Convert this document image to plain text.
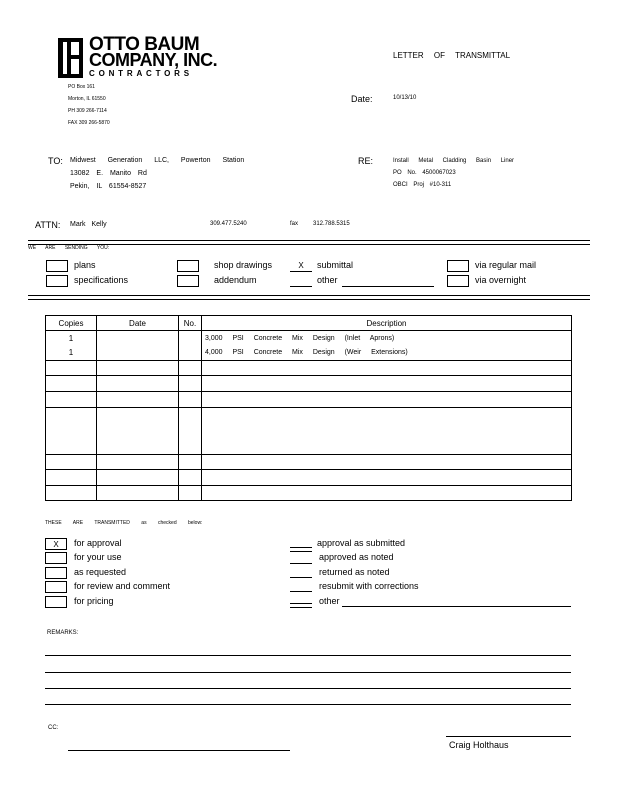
OTTO BAUM
COMPANY, INC.
CONTRACTORS
PO Box 161
Morton, IL 61550
PH 309 266-7114
FAX 309 266-5870
LETTER OF TRANSMITTAL
Date:	10/13/10
TO: Midwest Generation LLC, Powerton Station
13082 E. Manito Rd
Pekin, IL 61554-8527
RE:	Install Metal Cladding Basin Liner
PO No. 4500067023
OBCI Proj #10-311
ATTN: Mark Kelly	309.477.5240	fax 312.788.5315
WE ARE SENDING YOU:
plans
specifications
shop drawings
addendum
X	submittal
other
via regular mail
via overnight
Copies	Date	No.	Description
1			3,000 PSI Concrete Mix Design (Inlet Aprons)
1			4,000 PSI Concrete Mix Design (Weir Extensions)

THESE ARE TRANSMITTED as checked below:
X	for approval
for your use
as requested
for review and comment
for pricing
approval as submitted
approved as noted
returned as noted
resubmit with corrections
other
REMARKS:
CC:
Craig Holthaus
